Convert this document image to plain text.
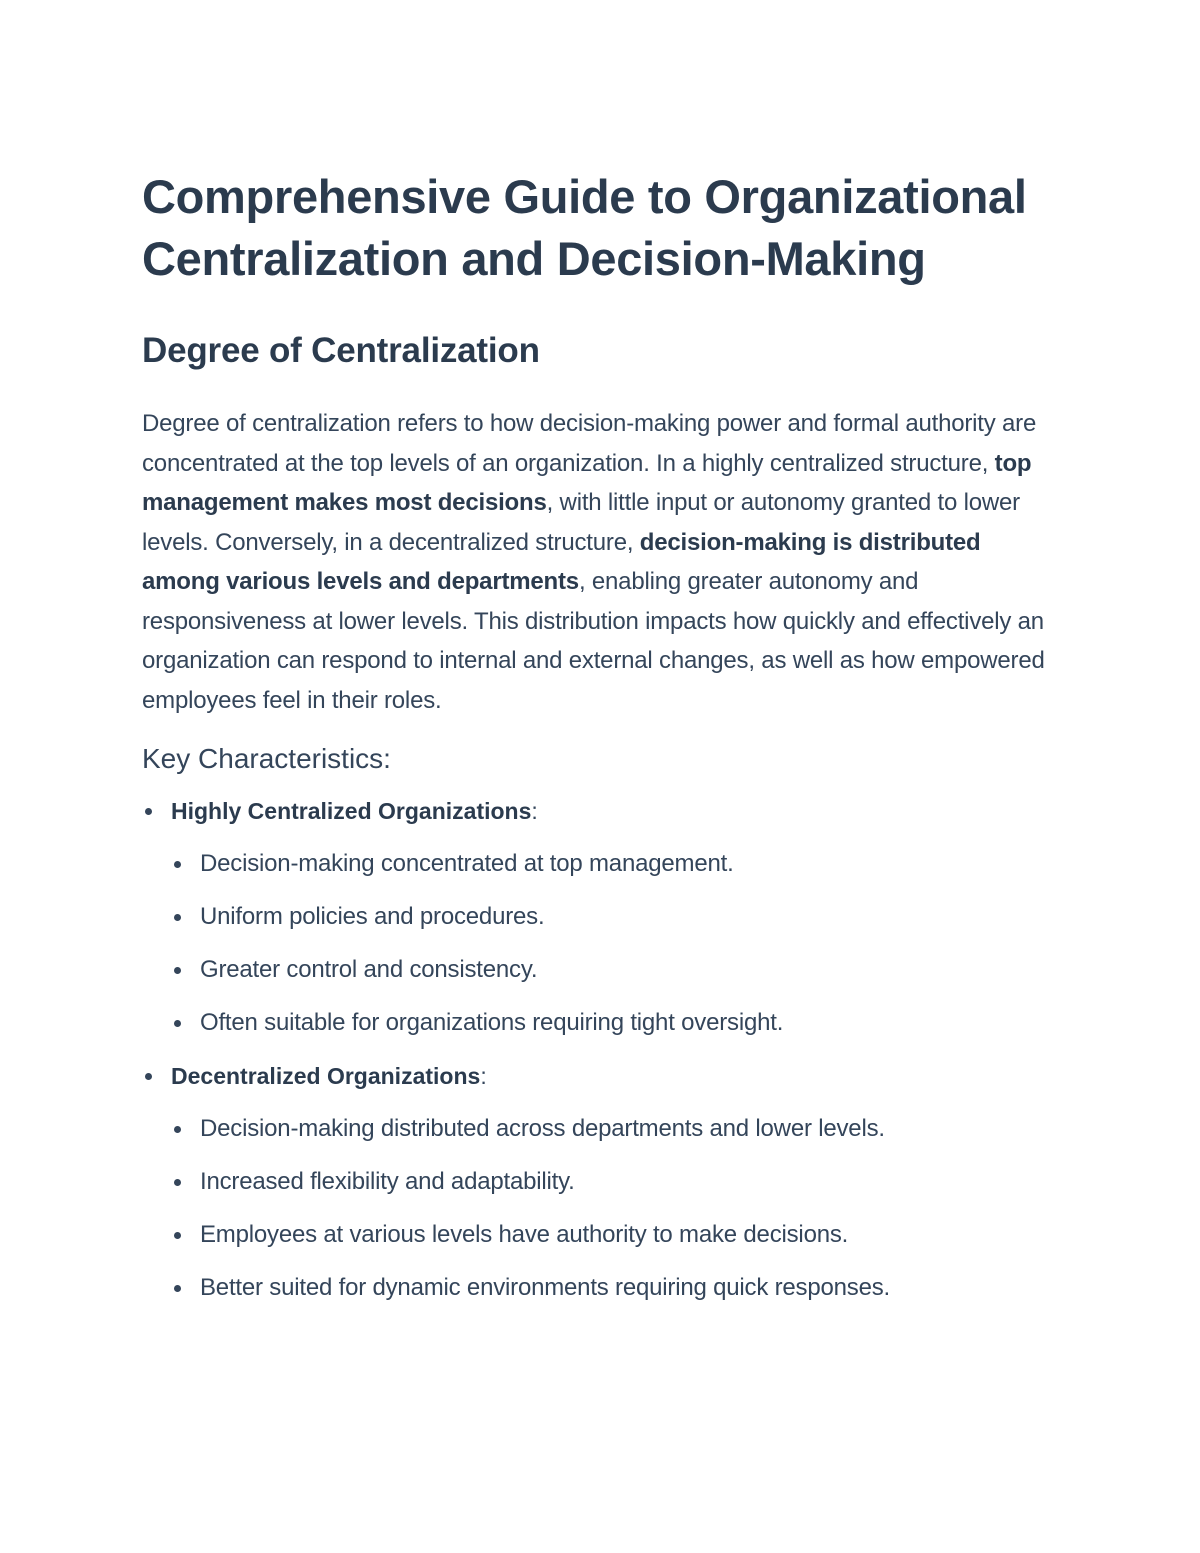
Comprehensive Guide to Organizational Centralization and Decision-Making
Degree of Centralization

Degree of centralization refers to how decision-making power and formal authority are concentrated at the top levels of an organization. In a highly centralized structure, top management makes most decisions, with little input or autonomy granted to lower levels. Conversely, in a decentralized structure, decision-making is distributed among various levels and departments, enabling greater autonomy and responsiveness at lower levels. This distribution impacts how quickly and effectively an organization can respond to internal and external changes, as well as how empowered employees feel in their roles.

Key Characteristics:
Highly Centralized Organizations:
Decision-making concentrated at top management.
Uniform policies and procedures.
Greater control and consistency.
Often suitable for organizations requiring tight oversight.
Decentralized Organizations:
Decision-making distributed across departments and lower levels.
Increased flexibility and adaptability.
Employees at various levels have authority to make decisions.
Better suited for dynamic environments requiring quick responses.
